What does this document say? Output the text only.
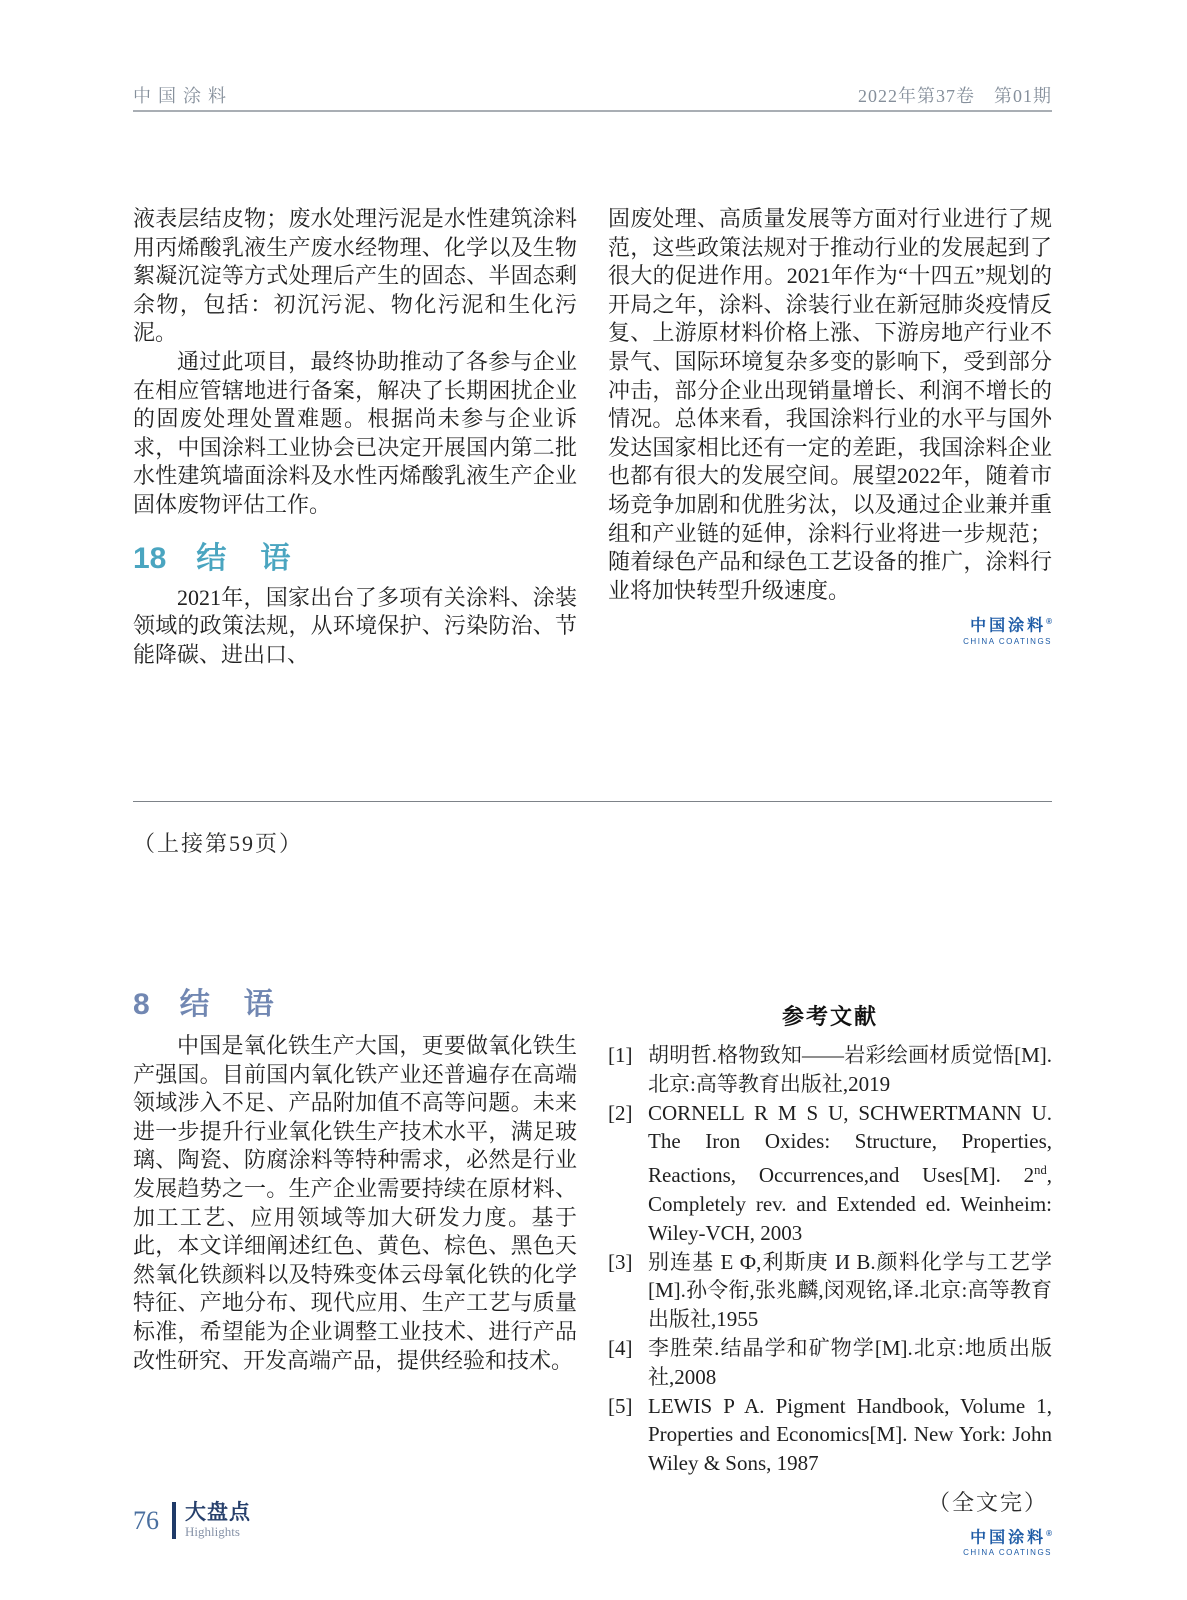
中国涂料	2022年第37卷　第01期

液表层结皮物；废水处理污泥是水性建筑涂料用丙烯酸乳液生产废水经物理、化学以及生物絮凝沉淀等方式处理后产生的固态、半固态剩余物，包括：初沉污泥、物化污泥和生化污泥。

通过此项目，最终协助推动了各参与企业在相应管辖地进行备案，解决了长期困扰企业的固废处理处置难题。根据尚未参与企业诉求，中国涂料工业协会已决定开展国内第二批水性建筑墙面涂料及水性丙烯酸乳液生产企业固体废物评估工作。

18 结　语

2021年，国家出台了多项有关涂料、涂装领域的政策法规，从环境保护、污染防治、节能降碳、进出口、

固废处理、高质量发展等方面对行业进行了规范，这些政策法规对于推动行业的发展起到了很大的促进作用。2021年作为“十四五”规划的开局之年，涂料、涂装行业在新冠肺炎疫情反复、上游原材料价格上涨、下游房地产行业不景气、国际环境复杂多变的影响下，受到部分冲击，部分企业出现销量增长、利润不增长的情况。总体来看，我国涂料行业的水平与国外发达国家相比还有一定的差距，我国涂料企业也都有很大的发展空间。展望2022年，随着市场竞争加剧和优胜劣汰，以及通过企业兼并重组和产业链的延伸，涂料行业将进一步规范；随着绿色产品和绿色工艺设备的推广，涂料行业将加快转型升级速度。

中国涂料®
CHINA COATINGS
（上接第59页）
8 结　语

中国是氧化铁生产大国，更要做氧化铁生产强国。目前国内氧化铁产业还普遍存在高端领域涉入不足、产品附加值不高等问题。未来进一步提升行业氧化铁生产技术水平，满足玻璃、陶瓷、防腐涂料等特种需求，必然是行业发展趋势之一。生产企业需要持续在原材料、加工工艺、应用领域等加大研发力度。基于此，本文详细阐述红色、黄色、棕色、黑色天然氧化铁颜料以及特殊变体云母氧化铁的化学特征、产地分布、现代应用、生产工艺与质量标准，希望能为企业调整工业技术、进行产品改性研究、开发高端产品，提供经验和技术。

参考文献
[1] 胡明哲.格物致知——岩彩绘画材质觉悟[M].北京:高等教育出版社,2019
[2] CORNELL R M S U, SCHWERTMANN U. The Iron Oxides: Structure, Properties, Reactions, Occurrences,and Uses[M]. 2nd, Completely rev. and Extended ed. Weinheim: Wiley-VCH, 2003
[3] 别连基 Е Ф,利斯庚 И В.颜料化学与工艺学[M].孙令衔,张兆麟,闵观铭,译.北京:高等教育出版社,1955
[4] 李胜荣.结晶学和矿物学[M].北京:地质出版社,2008
[5] LEWIS P A. Pigment Handbook, Volume 1, Properties and Economics[M]. New York: John Wiley & Sons, 1987
（全文完）
中国涂料®
CHINA COATINGS
76 大盘点
Highlights
